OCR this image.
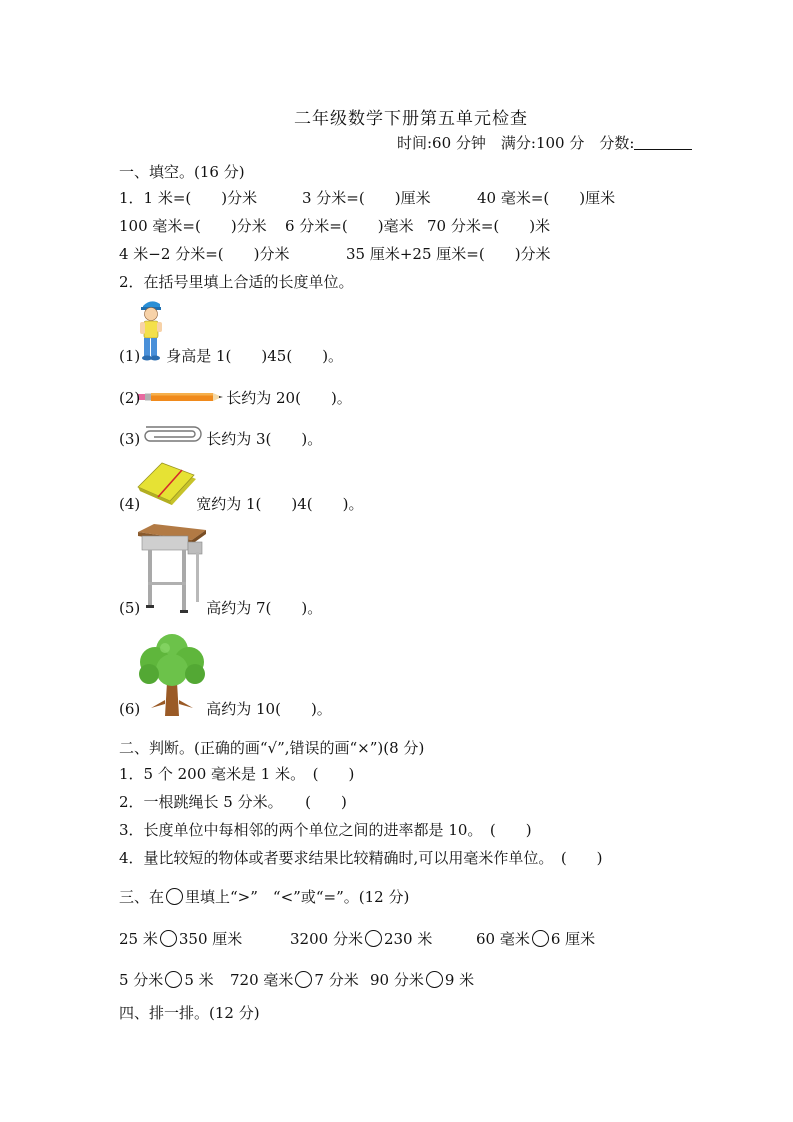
二年级数学下册第五单元检查
时间:60 分钟　满分:100 分　分数:
一、填空。(16 分)
1．1 米=(　　)分米	3 分米=(　　)厘米	40 毫米=(　　)厘米
100 毫米=(　　)分米 6 分米=(　　)毫米 70 分米=(　　)米
4 米−2 分米=(　　)分米	35 厘米+25 厘米=(　　)分米
2．在括号里填上合适的长度单位。
(1) 身高是 1(　　)45(　　)。
(2)	长约为 20(　　)。
(3)	长约为 3(　　)。
(4)	宽约为 1(　　)4(　　)。
(5)	高约为 7(　　)。
(6)	高约为 10(　　)。
二、判断。(正确的画“√”,错误的画“×”)(8 分)
1．5 个 200 毫米是 1 米。　(　　)
2．一根跳绳长 5 分米。　　(　　)
3．长度单位中每相邻的两个单位之间的进率都是 10。　(　　)
4．量比较短的物体或者要求结果比较精确时,可以用毫米作单位。　(　　)
三、在 里填上“>”　“<”或“=”。(12 分)
25 米 350 厘米	3200 分米 230 米	60 毫米 6 厘米
5 分米 5 米 720 毫米 7 分米 90 分米 9 米
四、排一排。(12 分)
